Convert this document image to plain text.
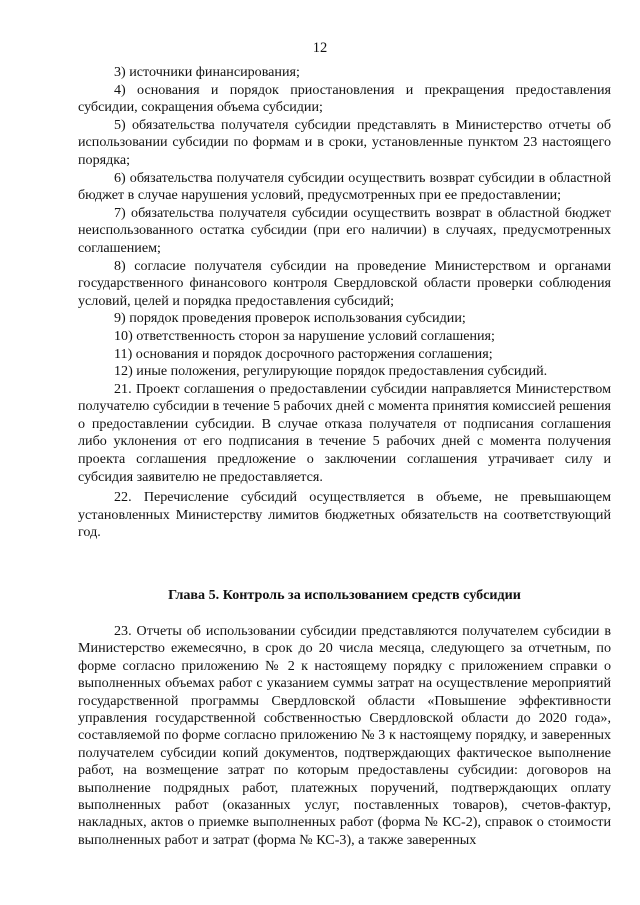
12

3) источники финансирования;

4) основания и порядок приостановления и прекращения предоставления субсидии, сокращения объема субсидии;

5) обязательства получателя субсидии представлять в Министерство отчеты об использовании субсидии по формам и в сроки, установленные пунктом 23 настоящего порядка;

6) обязательства получателя субсидии осуществить возврат субсидии в областной бюджет в случае нарушения условий, предусмотренных при ее предоставлении;

7) обязательства получателя субсидии осуществить возврат в областной бюджет неиспользованного остатка субсидии (при его наличии) в случаях, предусмотренных соглашением;

8) согласие получателя субсидии на проведение Министерством и органами государственного финансового контроля Свердловской области проверки соблюдения условий, целей и порядка предоставления субсидий;

9) порядок проведения проверок использования субсидии;

10) ответственность сторон за нарушение условий соглашения;

11) основания и порядок досрочного расторжения соглашения;

12) иные положения, регулирующие порядок предоставления субсидий.

21. Проект соглашения о предоставлении субсидии направляется Министерством получателю субсидии в течение 5 рабочих дней с момента принятия комиссией решения о предоставлении субсидии. В случае отказа получателя от подписания соглашения либо уклонения от его подписания в течение 5 рабочих дней с момента получения проекта соглашения предложение о заключении соглашения утрачивает силу и субсидия заявителю не предоставляется.

22. Перечисление субсидий осуществляется в объеме, не превышающем установленных Министерству лимитов бюджетных обязательств на соответствующий год.

Глава 5. Контроль за использованием средств субсидии

23. Отчеты об использовании субсидии представляются получателем субсидии в Министерство ежемесячно, в срок до 20 числа месяца, следующего за отчетным, по форме согласно приложению № 2 к настоящему порядку с приложением справки о выполненных объемах работ с указанием суммы затрат на осуществление мероприятий государственной программы Свердловской области «Повышение эффективности управления государственной собственностью Свердловской области до 2020 года», составляемой по форме согласно приложению № 3 к настоящему порядку, и заверенных получателем субсидии копий документов, подтверждающих фактическое выполнение работ, на возмещение затрат по которым предоставлены субсидии: договоров на выполнение подрядных работ, платежных поручений, подтверждающих оплату выполненных работ (оказанных услуг, поставленных товаров), счетов-фактур, накладных, актов о приемке выполненных работ (форма № КС-2), справок о стоимости выполненных работ и затрат (форма № КС-3), а также заверенных
